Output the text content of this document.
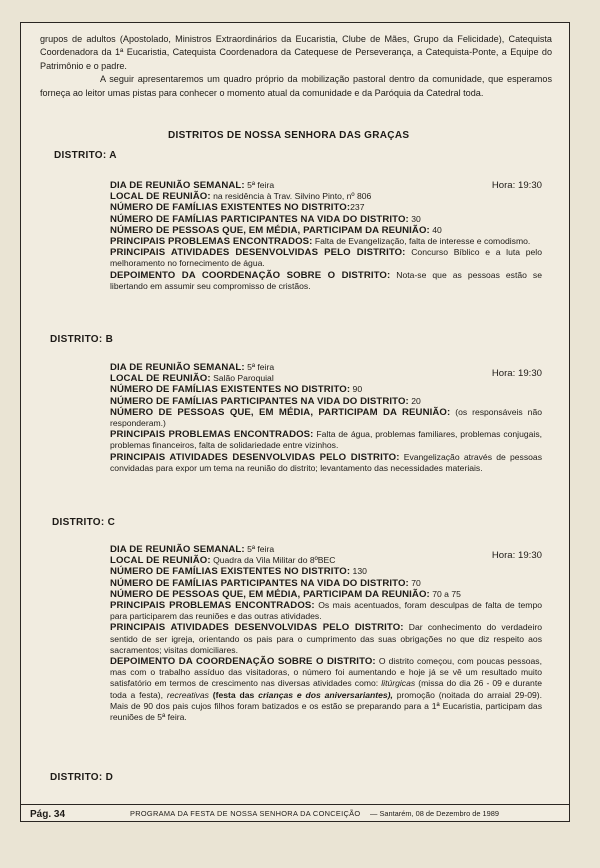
grupos de adultos (Apostolado, Ministros Extraordinários da Eucaristia, Clube de Mães, Grupo da Felicidade), Catequista Coordenadora da 1ª Eucaristia, Catequista Coordenadora da Catequese de Perseverança, a Catequista-Ponte, a Equipe do Patrimônio e o padre.

A seguir apresentaremos um quadro próprio da mobilização pastoral dentro da comunidade, que esperamos forneça ao leitor umas pistas para conhecer o momento atual da comunidade e da Paróquia da Catedral toda.

DISTRITOS DE NOSSA SENHORA DAS GRAÇAS
DISTRITO: A
DIA DE REUNIÃO SEMANAL: 5ª feira	Hora: 19:30
LOCAL DE REUNIÃO: na residência à Trav. Silvino Pinto, nº 806
NÚMERO DE FAMÍLIAS EXISTENTES NO DISTRITO:237
NÚMERO DE FAMÍLIAS PARTICIPANTES NA VIDA DO DISTRITO: 30
NÚMERO DE PESSOAS QUE, EM MÉDIA, PARTICIPAM DA REUNIÃO: 40
PRINCIPAIS PROBLEMAS ENCONTRADOS: Falta de Evangelização, falta de interesse e comodismo.
PRINCIPAIS ATIVIDADES DESENVOLVIDAS PELO DISTRITO: Concurso Bíblico e a luta pelo melhoramento no fornecimento de água.
DEPOIMENTO DA COORDENAÇÃO SOBRE O DISTRITO: Nota-se que as pessoas estão se libertando em assumir seu compromisso de cristãos.
DISTRITO: B
DIA DE REUNIÃO SEMANAL: 5ª feira
Hora: 19:30
LOCAL DE REUNIÃO: Salão Paroquial
NÚMERO DE FAMÍLIAS EXISTENTES NO DISTRITO: 90
NÚMERO DE FAMÍLIAS PARTICIPANTES NA VIDA DO DISTRITO: 20
NÚMERO DE PESSOAS QUE, EM MÉDIA, PARTICIPAM DA REUNIÃO: (os responsáveis não responderam.)
PRINCIPAIS PROBLEMAS ENCONTRADOS: Falta de água, problemas familiares, problemas conjugais, problemas financeiros, falta de solidariedade entre vizinhos.
PRINCIPAIS ATIVIDADES DESENVOLVIDAS PELO DISTRITO: Evangelização através de pessoas convidadas para expor um tema na reunião do distrito; levantamento das necessidades materiais.
DISTRITO: C
DIA DE REUNIÃO SEMANAL: 5ª feira
Hora: 19:30
LOCAL DE REUNIÃO: Quadra da Vila Militar do 8ºBEC
NÚMERO DE FAMÍLIAS EXISTENTES NO DISTRITO: 130
NÚMERO DE FAMÍLIAS PARTICIPANTES NA VIDA DO DISTRITO: 70
NÚMERO DE PESSOAS QUE, EM MÉDIA, PARTICIPAM DA REUNIÃO: 70 a 75
PRINCIPAIS PROBLEMAS ENCONTRADOS: Os mais acentuados, foram desculpas de falta de tempo para participarem das reuniões e das outras atividades.
PRINCIPAIS ATIVIDADES DESENVOLVIDAS PELO DISTRITO: Dar conhecimento do verdadeiro sentido de ser igreja, orientando os pais para o cumprimento das suas obrigações no que diz respeito aos sacramentos; visitas domiciliares.
DEPOIMENTO DA COORDENAÇÃO SOBRE O DISTRITO: O distrito começou, com poucas pessoas, mas com o trabalho assíduo das visitadoras, o número foi aumentando e hoje já se vê um resultado muito satisfatório em termos de crescimento nas diversas atividades como: litúrgicas (missa do dia 26 - 09 e durante toda a festa), recreativas (festa das crianças e dos aniversariantes), promoção (noitada do arraial 29-09). Mais de 90 dos pais cujos filhos foram batizados e os estão se preparando para a 1ª Eucaristia, participam das reuniões de 5ª feira.
DISTRITO: D
Pág. 34	PROGRAMA DA FESTA DE NOSSA SENHORA DA CONCEIÇÃO — Santarém, 08 de Dezembro de 1989
